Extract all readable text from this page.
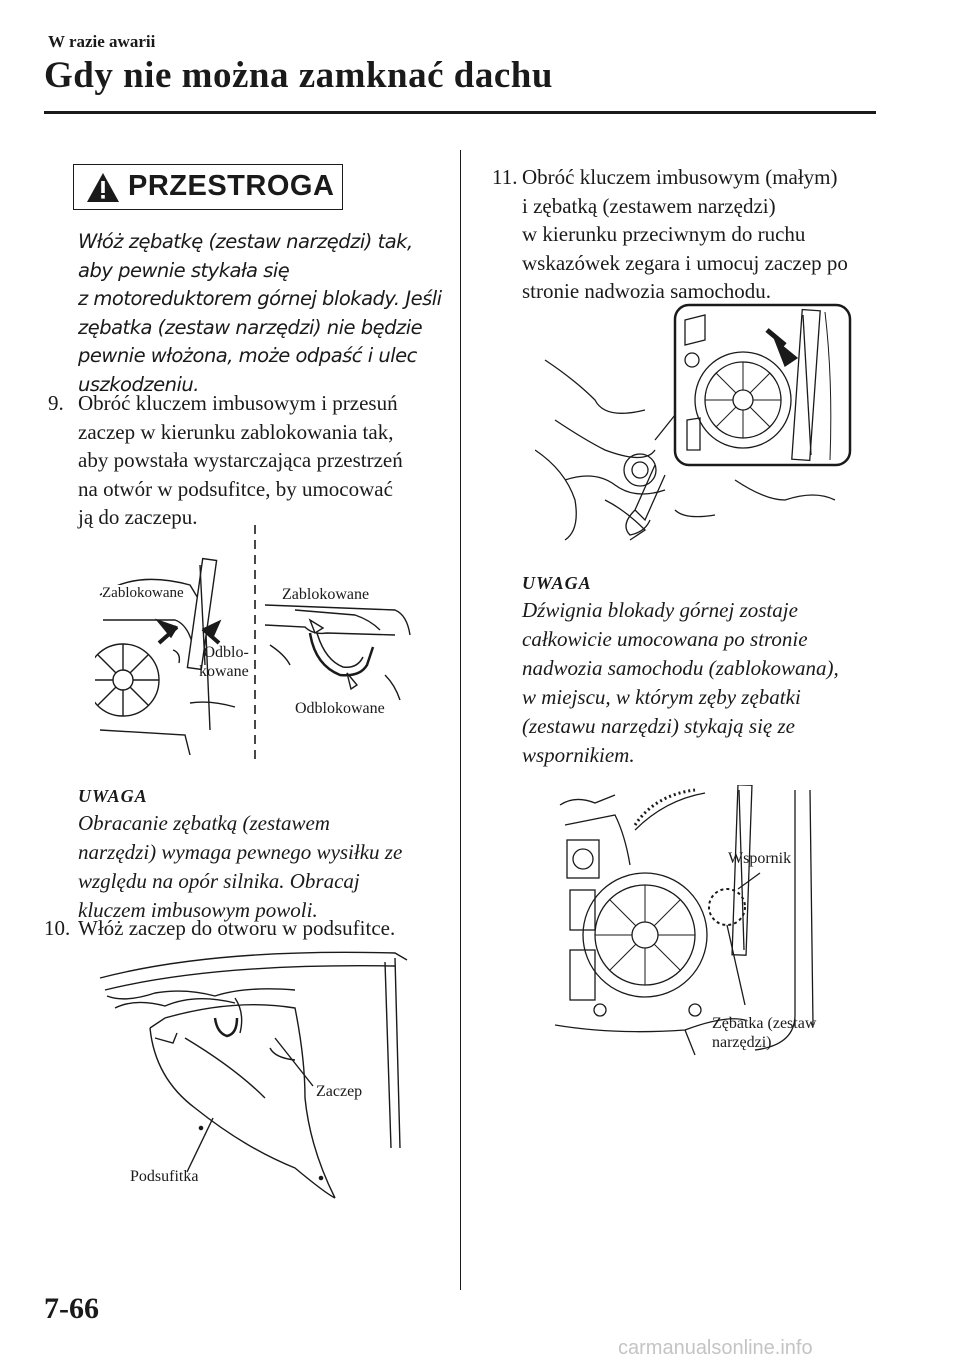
W razie awarii
Gdy nie można zamknać dachu
PRZESTROGA
Włóż zębatkę (zestaw narzędzi) tak,
aby pewnie stykała się
z motoreduktorem górnej blokady. Jeśli
zębatka (zestaw narzędzi) nie będzie
pewnie włożona, może odpaść i ulec
uszkodzeniu.
9. Obróć kluczem imbusowym i przesuń
zaczep w kierunku zablokowania tak,
aby powstała wystarczająca przestrzeń
na otwór w podsufitce, by umocować
ją do zaczepu.
Zablokowane
Odblo-
kowane
Zablokowane
Odblokowane
UWAGA
Obracanie zębatką (zestawem
narzędzi) wymaga pewnego wysiłku ze
względu na opór silnika. Obracaj
kluczem imbusowym powoli.
10. Włóż zaczep do otworu w podsufitce.
Zaczep
Podsufitka
11. Obróć kluczem imbusowym (małym)
i zębatką (zestawem narzędzi)
w kierunku przeciwnym do ruchu
wskazówek zegara i umocuj zaczep po
stronie nadwozia samochodu.
UWAGA
Dźwignia blokady górnej zostaje
całkowicie umocowana po stronie
nadwozia samochodu (zablokowana),
w miejscu, w którym zęby zębatki
(zestawu narzędzi) stykają się ze
wspornikiem.
Wspornik
Zębatka (zestaw
narzędzi)
7-66
carmanualsonline.info
